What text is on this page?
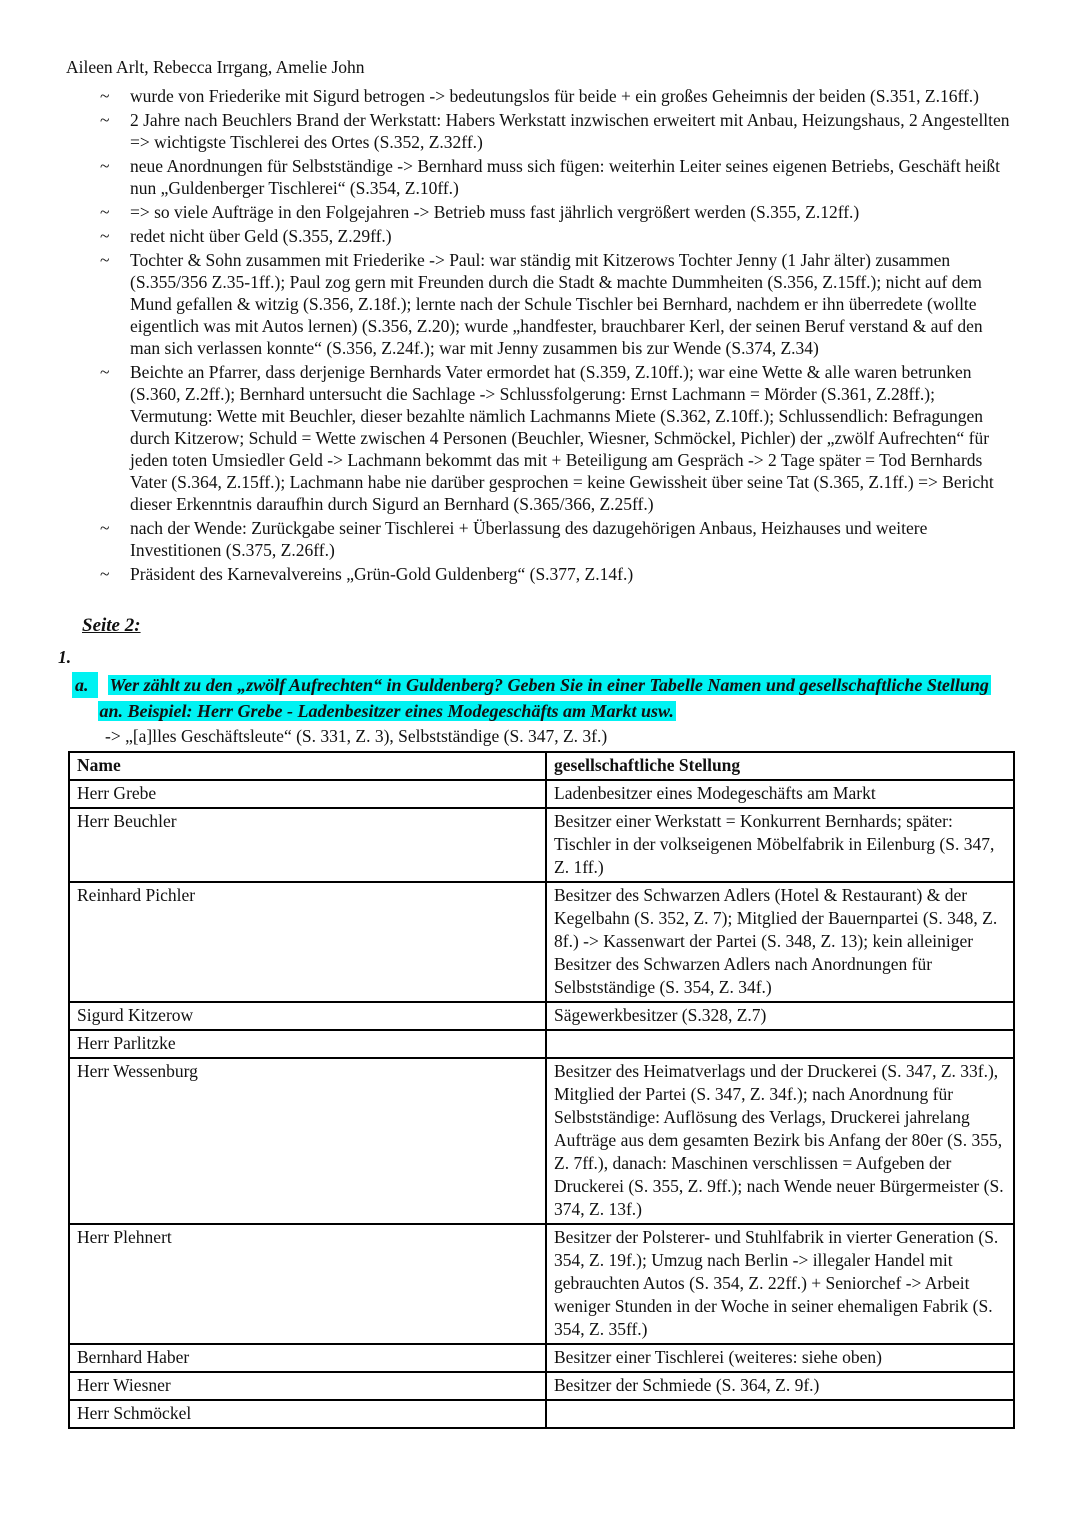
Aileen Arlt, Rebecca Irrgang, Amelie John
~ wurde von Friederike mit Sigurd betrogen -> bedeutungslos für beide + ein großes Geheimnis der beiden (S.351, Z.16ff.)
~ 2 Jahre nach Beuchlers Brand der Werkstatt: Habers Werkstatt inzwischen erweitert mit Anbau, Heizungshaus, 2 Angestellten => wichtigste Tischlerei des Ortes (S.352, Z.32ff.)
~ neue Anordnungen für Selbstständige -> Bernhard muss sich fügen: weiterhin Leiter seines eigenen Betriebs, Geschäft heißt nun „Guldenberger Tischlerei“ (S.354, Z.10ff.)
~ => so viele Aufträge in den Folgejahren -> Betrieb muss fast jährlich vergrößert werden (S.355, Z.12ff.)
~ redet nicht über Geld (S.355, Z.29ff.)
~ Tochter & Sohn zusammen mit Friederike -> Paul: war ständig mit Kitzerows Tochter Jenny (1 Jahr älter) zusammen (S.355/356 Z.35-1ff.); Paul zog gern mit Freunden durch die Stadt & machte Dummheiten (S.356, Z.15ff.); nicht auf dem Mund gefallen & witzig (S.356, Z.18f.); lernte nach der Schule Tischler bei Bernhard, nachdem er ihn überredete (wollte eigentlich was mit Autos lernen) (S.356, Z.20); wurde „handfester, brauchbarer Kerl, der seinen Beruf verstand & auf den man sich verlassen konnte“ (S.356, Z.24f.); war mit Jenny zusammen bis zur Wende (S.374, Z.34)
~ Beichte an Pfarrer, dass derjenige Bernhards Vater ermordet hat (S.359, Z.10ff.); war eine Wette & alle waren betrunken (S.360, Z.2ff.); Bernhard untersucht die Sachlage -> Schlussfolgerung: Ernst Lachmann = Mörder (S.361, Z.28ff.); Vermutung: Wette mit Beuchler, dieser bezahlte nämlich Lachmanns Miete (S.362, Z.10ff.); Schlussendlich: Befragungen durch Kitzerow; Schuld = Wette zwischen 4 Personen (Beuchler, Wiesner, Schmöckel, Pichler) der „zwölf Aufrechten“ für jeden toten Umsiedler Geld -> Lachmann bekommt das mit + Beteiligung am Gespräch -> 2 Tage später = Tod Bernhards Vater (S.364, Z.15ff.); Lachmann habe nie darüber gesprochen = keine Gewissheit über seine Tat (S.365, Z.1ff.) => Bericht dieser Erkenntnis daraufhin durch Sigurd an Bernhard (S.365/366, Z.25ff.)
~ nach der Wende: Zurückgabe seiner Tischlerei + Überlassung des dazugehörigen Anbaus, Heizhauses und weitere Investitionen (S.375, Z.26ff.)
~ Präsident des Karnevalvereins „Grün-Gold Guldenberg“ (S.377, Z.14f.)
Seite 2:
1.
a.	Wer zählt zu den „zwölf Aufrechten“ in Guldenberg? Geben Sie in einer Tabelle Namen und gesellschaftliche Stellung an. Beispiel: Herr Grebe - Ladenbesitzer eines Modegeschäfts am Markt usw.
-> „[a]lles Geschäftsleute“ (S. 331, Z. 3), Selbstständige (S. 347, Z. 3f.)
Name	gesellschaftliche Stellung
Herr Grebe	Ladenbesitzer eines Modegeschäfts am Markt
Herr Beuchler	Besitzer einer Werkstatt = Konkurrent Bernhards; später: Tischler in der volkseigenen Möbelfabrik in Eilenburg (S. 347, Z. 1ff.)
Reinhard Pichler	Besitzer des Schwarzen Adlers (Hotel & Restaurant) & der Kegelbahn (S. 352, Z. 7); Mitglied der Bauernpartei (S. 348, Z. 8f.) -> Kassenwart der Partei (S. 348, Z. 13); kein alleiniger Besitzer des Schwarzen Adlers nach Anordnungen für Selbstständige (S. 354, Z. 34f.)
Sigurd Kitzerow	Sägewerkbesitzer (S.328, Z.7)
Herr Parlitzke	
Herr Wessenburg	Besitzer des Heimatverlags und der Druckerei (S. 347, Z. 33f.), Mitglied der Partei (S. 347, Z. 34f.); nach Anordnung für Selbstständige: Auflösung des Verlags, Druckerei jahrelang Aufträge aus dem gesamten Bezirk bis Anfang der 80er (S. 355, Z. 7ff.), danach: Maschinen verschlissen = Aufgeben der Druckerei (S. 355, Z. 9ff.); nach Wende neuer Bürgermeister (S. 374, Z. 13f.)
Herr Plehnert	Besitzer der Polsterer- und Stuhlfabrik in vierter Generation (S. 354, Z. 19f.); Umzug nach Berlin -> illegaler Handel mit gebrauchten Autos (S. 354, Z. 22ff.) + Seniorchef -> Arbeit weniger Stunden in der Woche in seiner ehemaligen Fabrik (S. 354, Z. 35ff.)
Bernhard Haber	Besitzer einer Tischlerei (weiteres: siehe oben)
Herr Wiesner	Besitzer der Schmiede (S. 364, Z. 9f.)
Herr Schmöckel	
